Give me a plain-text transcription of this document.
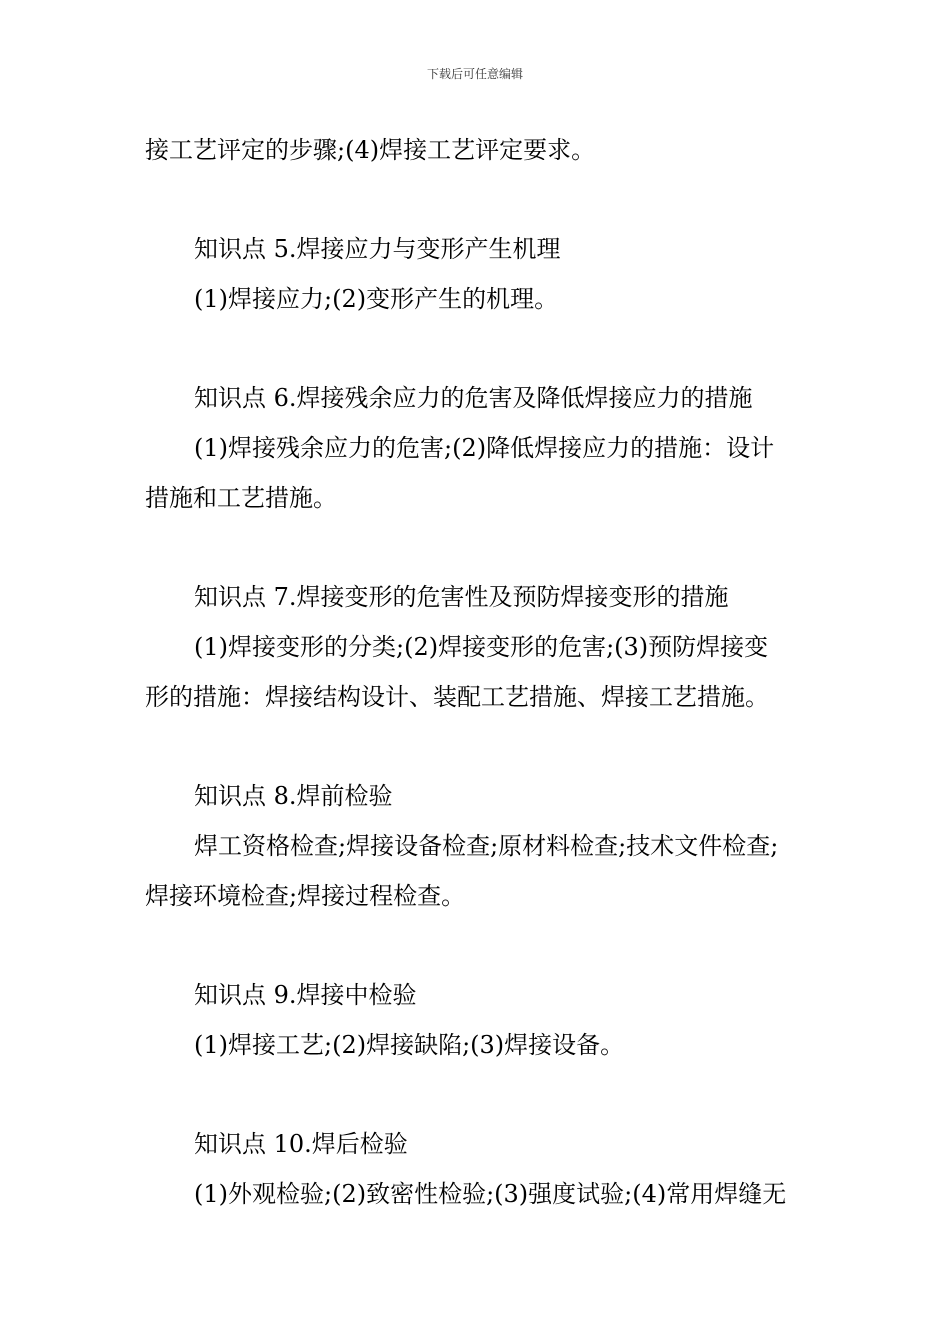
下载后可任意编辑
接工艺评定的步骤;(4)焊接工艺评定要求。
知识点 5.焊接应力与变形产生机理
(1)焊接应力;(2)变形产生的机理。
知识点 6.焊接残余应力的危害及降低焊接应力的措施
(1)焊接残余应力的危害;(2)降低焊接应力的措施：设计
措施和工艺措施。
知识点 7.焊接变形的危害性及预防焊接变形的措施
(1)焊接变形的分类;(2)焊接变形的危害;(3)预防焊接变
形的措施：焊接结构设计、装配工艺措施、焊接工艺措施。
知识点 8.焊前检验
焊工资格检查;焊接设备检查;原材料检查;技术文件检查;
焊接环境检查;焊接过程检查。
知识点 9.焊接中检验
(1)焊接工艺;(2)焊接缺陷;(3)焊接设备。
知识点 10.焊后检验
(1)外观检验;(2)致密性检验;(3)强度试验;(4)常用焊缝无
